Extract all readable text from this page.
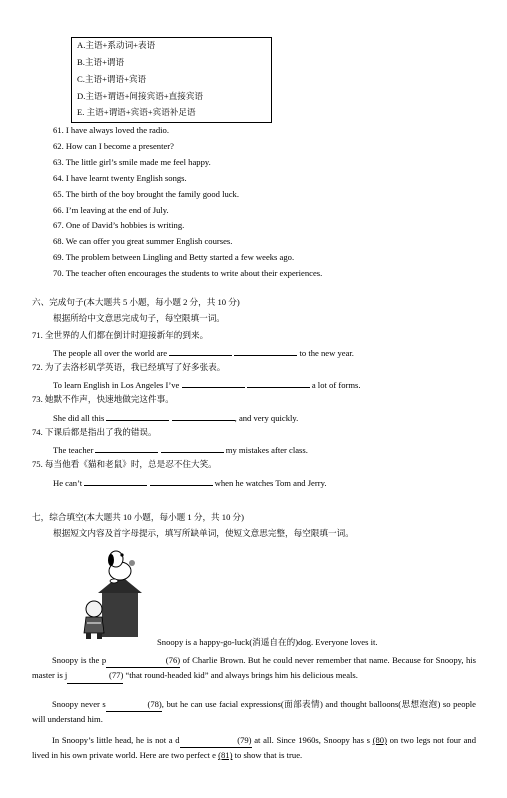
A.主语+系动词+表语
B.主语+谓语
C.主语+谓语+宾语
D.主语+谓语+间接宾语+直接宾语
E. 主语+谓语+宾语+宾语补足语
61. I have always loved the radio.
62. How can I become a presenter?
63. The little girl’s smile made me feel happy.
64. I have learnt twenty English songs.
65. The birth of the boy brought the family good luck.
66. I’m leaving at the end of July.
67. One of David’s hobbies is writing.
68. We can offer you great summer English courses.
69. The problem between Lingling and Betty started a few weeks ago.
70. The teacher often encourages the students to write about their experiences.
六、完成句子(本大题共 5 小题，每小题 2 分，共 10 分)
根据所给中文意思完成句子，每空限填一词。
71. 全世界的人们都在倒计时迎接新年的到来。
The people all over the world are	to the new year.
72. 为了去洛杉矶学英语，我已经填写了好多张表。
To learn English in Los Angeles I’ve	a lot of forms.
73. 她默不作声，快速地做完这件事。
She did all this	, and very quickly.
74. 下课后都是指出了我的错误。
The teacher	my mistakes after class.
75. 每当他看《猫和老鼠》时，总是忍不住大笑。
He can’t	when he watches Tom and Jerry.
七，综合填空(本大题共 10 小题，每小题 1 分，共 10 分)
根据短文内容及首字母提示，填写所缺单词，使短文意思完整，每空限填一词。
Snoopy is a happy-go-luck(消遥自在的)dog. Everyone loves it.
Snoopy is the p	(76) of Charlie Brown. But he could never remember that name. Because for Snoopy, his master is j	(77) “that round-headed kid” and always brings him his delicious meals.
Snoopy never s	(78), but he can use facial expressions(面部表情) and thought balloons(思想泡泡) so people will understand him.
In Snoopy’s little head, he is not a d	(79) at all. Since 1960s, Snoopy has s (80) on two legs not four and lived in his own private world. Here are two perfect e (81) to show that is true.
